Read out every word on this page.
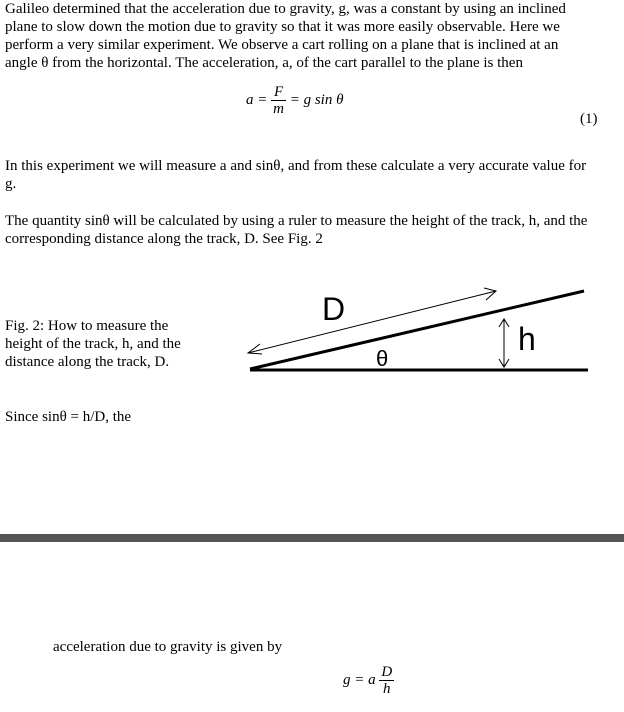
Galileo determined that the acceleration due to gravity, g, was a constant by using an inclined
plane to slow down the motion due to gravity so that it was more easily observable. Here we
perform a very similar experiment. We observe a cart rolling on a plane that is inclined at an
angle θ from the horizontal. The acceleration, a, of the cart parallel to the plane is then
$a = \frac{F}{m} = g$ sin θ
(1)
In this experiment we will measure a and sinθ, and from these calculate a very accurate value for
g.
The quantity sinθ will be calculated by using a ruler to measure the height of the track, h, and the
corresponding distance along the track, D. See Fig. 2
Fig. 2: How to measure the
height of the track, h, and the
distance along the track, D.
D
h
θ
Since sinθ = h/D, the
acceleration due to gravity is given by
g = a $\frac{D}{h}$
